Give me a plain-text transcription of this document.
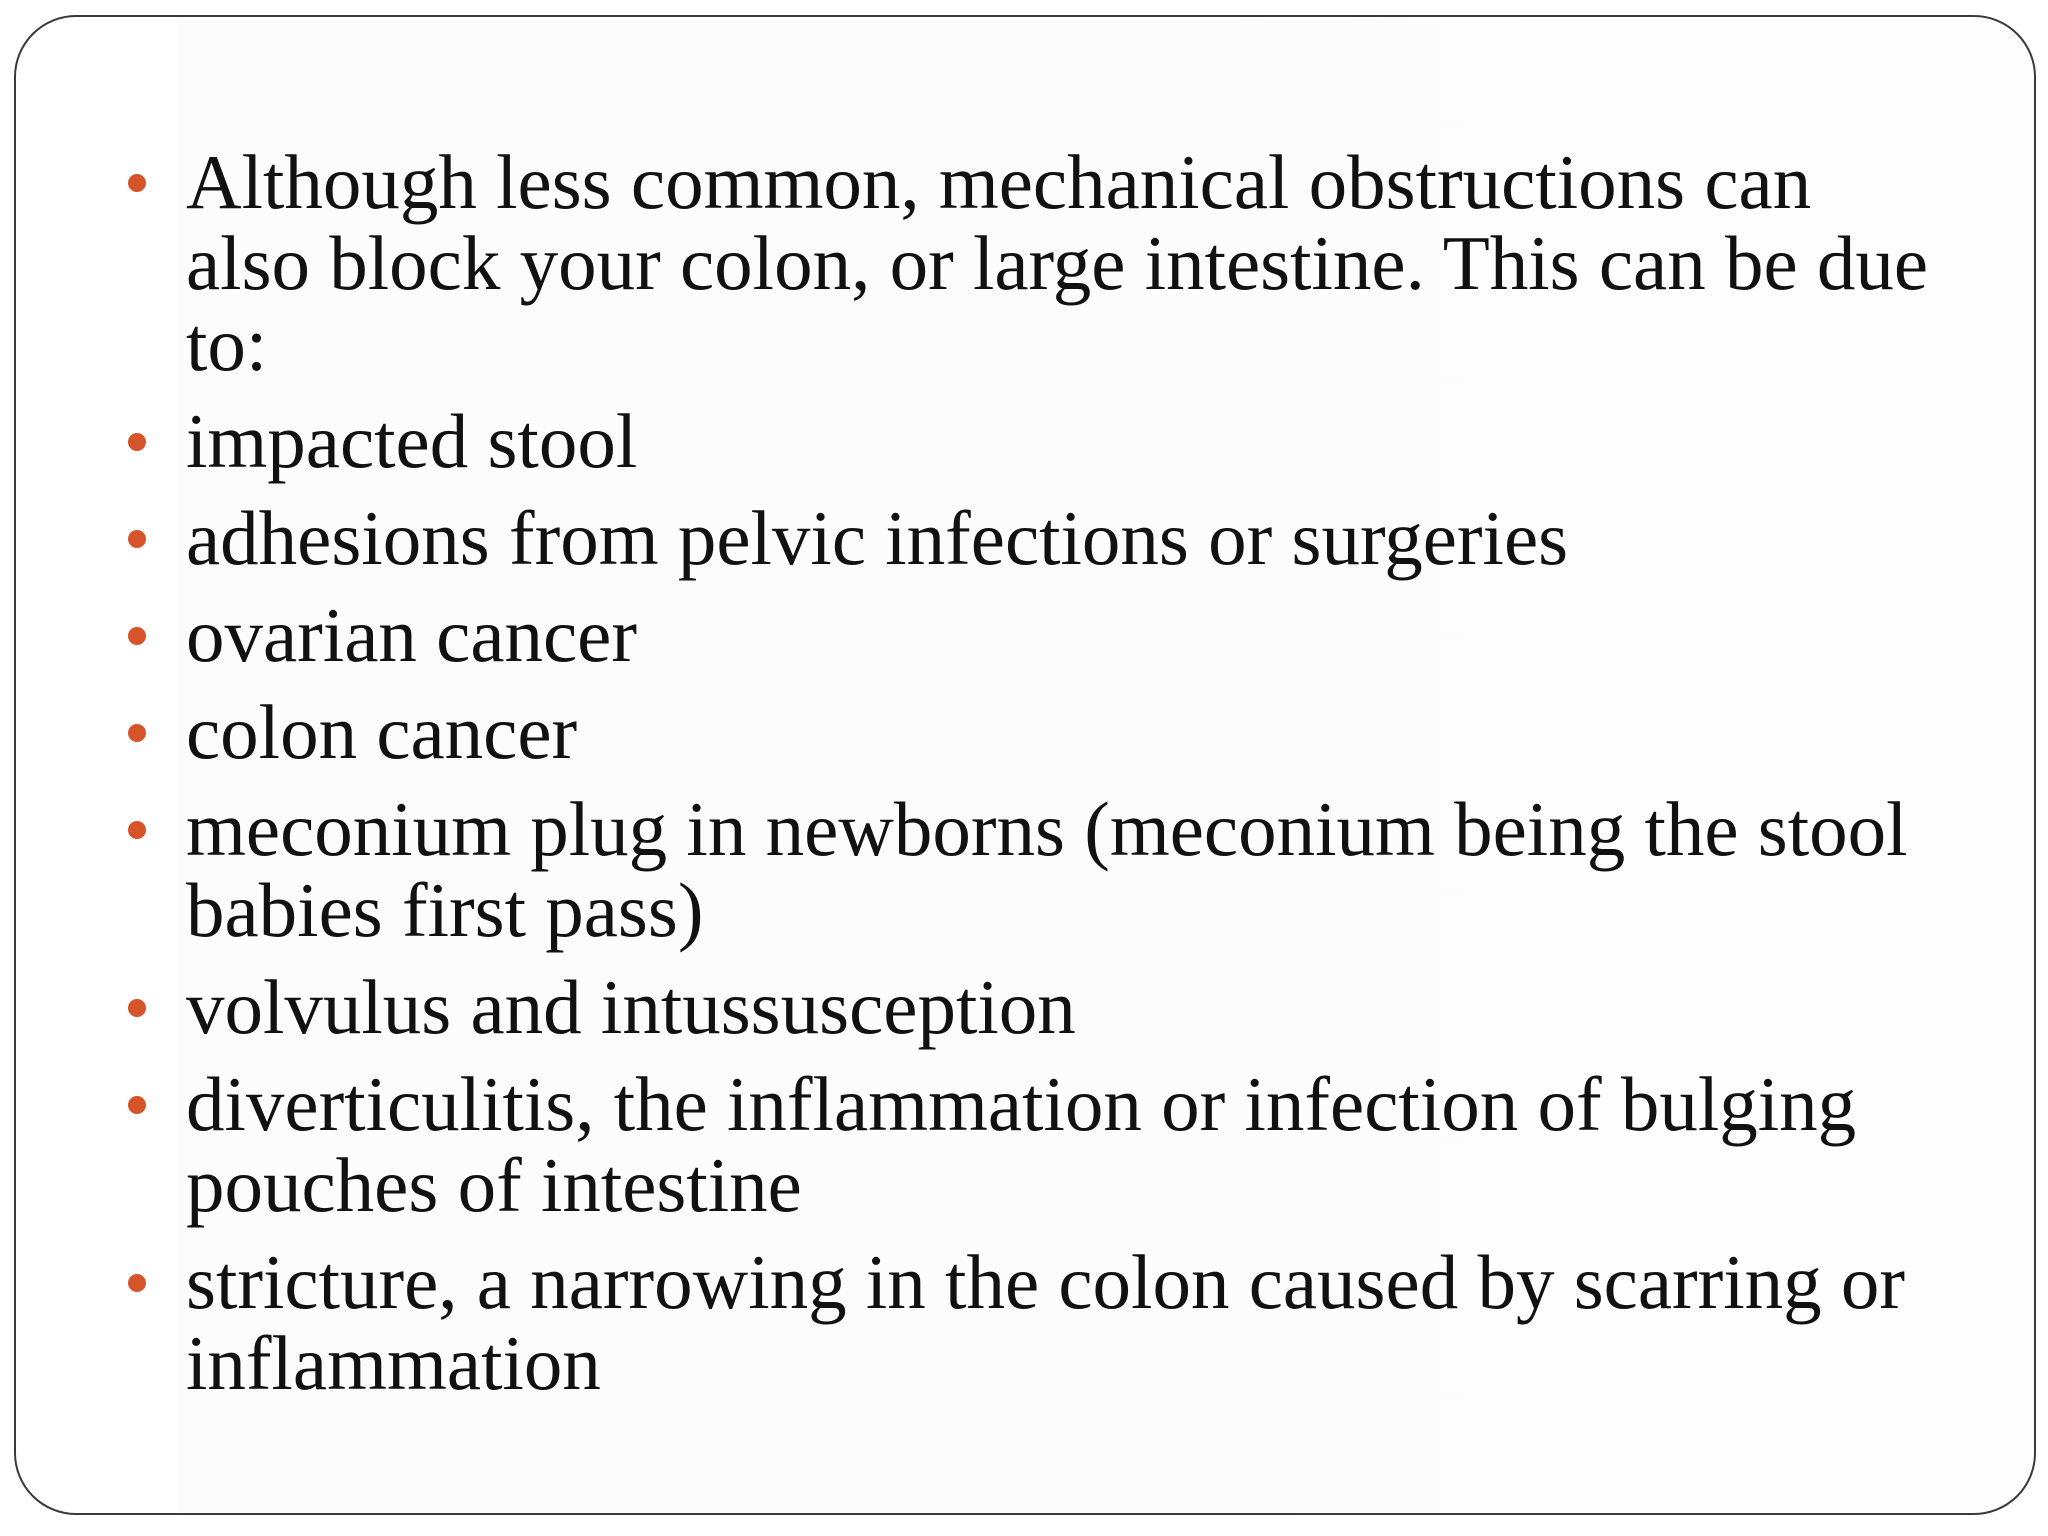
Although less common, mechanical obstructions can also block your colon, or large intestine. This can be due to:
impacted stool
adhesions from pelvic infections or surgeries
ovarian cancer
colon cancer
meconium plug in newborns (meconium being the stool babies first pass)
volvulus and intussusception
diverticulitis, the inflammation or infection of bulging pouches of intestine
stricture, a narrowing in the colon caused by scarring or inflammation
